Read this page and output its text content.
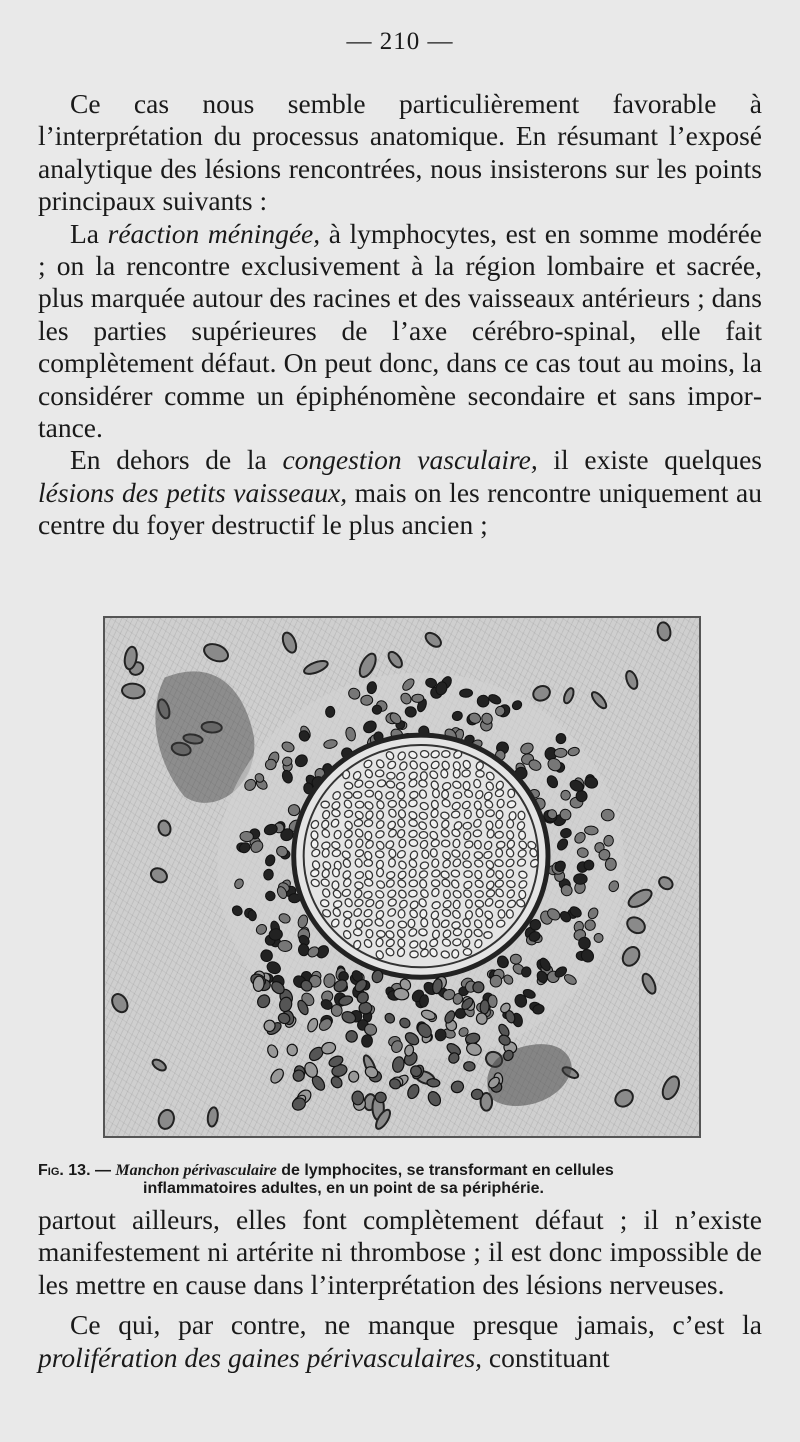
— 210 —

Ce cas nous semble particulièrement favorable à l’interprétation du processus anatomique. En résumant l’exposé analytique des lésions rencontrées, nous insisterons sur les points principaux suivants :

La réaction méningée, à lymphocytes, est en somme modérée ; on la rencontre exclusivement à la région lombaire et sacrée, plus marquée autour des racines et des vaisseaux antérieurs ; dans les parties supérieures de l’axe cérébro-spinal, elle fait complètement défaut. On peut donc, dans ce cas tout au moins, la considérer comme un épiphénomène secondaire et sans importance.

En dehors de la congestion vasculaire, il existe quelques lésions des petits vaisseaux, mais on les rencontre uniquement au centre du foyer destructif le plus ancien ;

Fig. 13. — Manchon périvasculaire de lymphocites, se transformant en cellules
inflammatoires adultes, en un point de sa périphérie.

partout ailleurs, elles font complètement défaut ; il n’existe manifestement ni artérite ni thrombose ; il est donc impossible de les mettre en cause dans l’interprétation des lésions nerveuses.

Ce qui, par contre, ne manque presque jamais, c’est la prolifération des gaines périvasculaires, constituant
